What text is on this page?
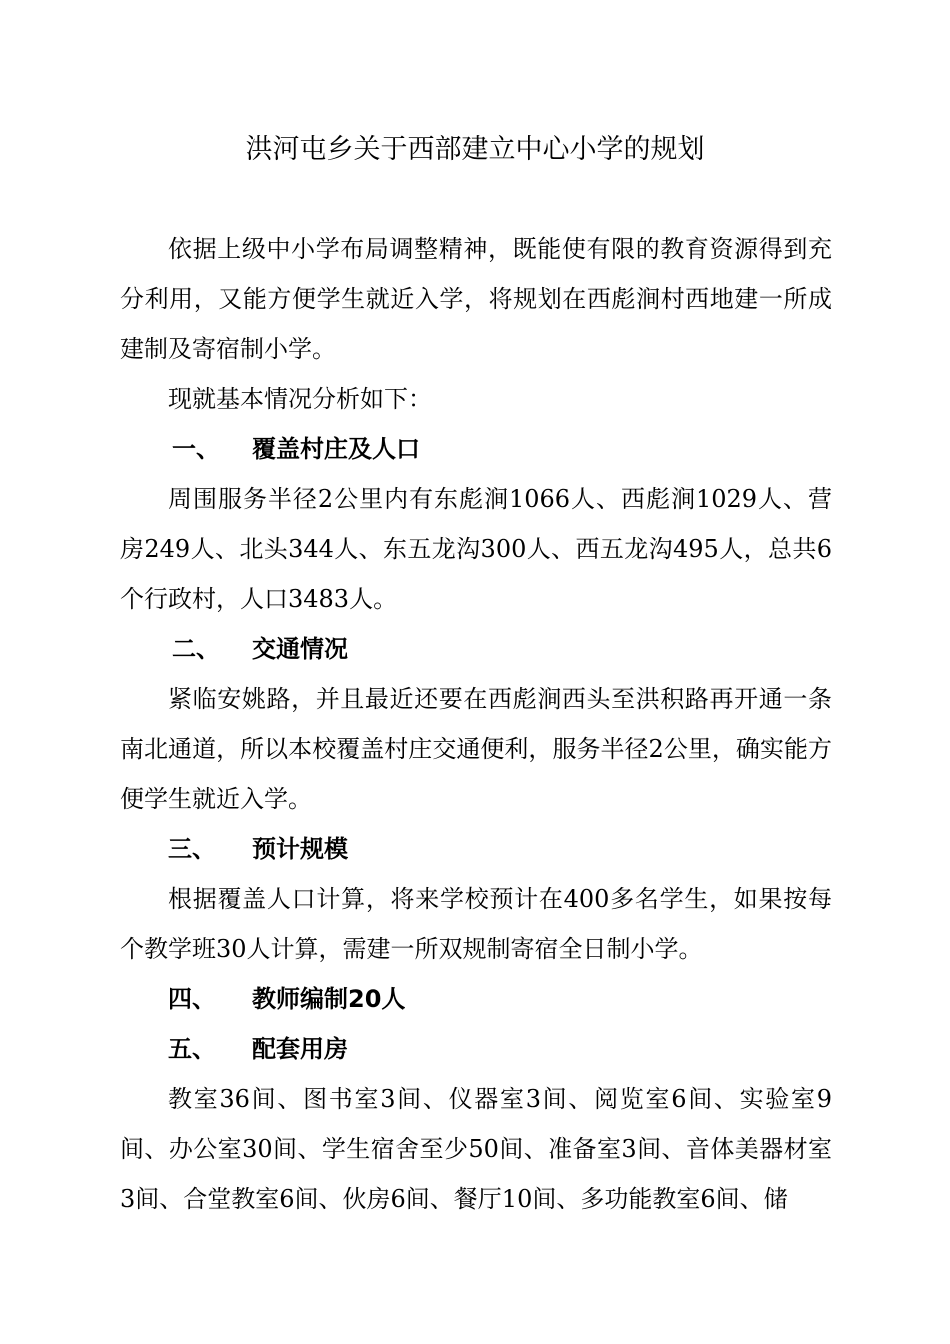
洪河屯乡关于西部建立中心小学的规划

依据上级中小学布局调整精神，既能使有限的教育资源得到充分利用，又能方便学生就近入学，将规划在西彪涧村西地建一所成建制及寄宿制小学。

现就基本情况分析如下：

一、 覆盖村庄及人口

周围服务半径2公里内有东彪涧1066人、西彪涧1029人、营房249人、北头344人、东五龙沟300人、西五龙沟495人，总共6个行政村，人口3483人。

二、 交通情况

紧临安姚路，并且最近还要在西彪涧西头至洪积路再开通一条南北通道，所以本校覆盖村庄交通便利，服务半径2公里，确实能方便学生就近入学。

三、 预计规模

根据覆盖人口计算，将来学校预计在400多名学生，如果按每个教学班30人计算，需建一所双规制寄宿全日制小学。

四、 教师编制20人
五、 配套用房

教室36间、图书室3间、仪器室3间、阅览室6间、实验室9间、办公室30间、学生宿舍至少50间、准备室3间、音体美器材室3间、合堂教室6间、伙房6间、餐厅10间、多功能教室6间、储
